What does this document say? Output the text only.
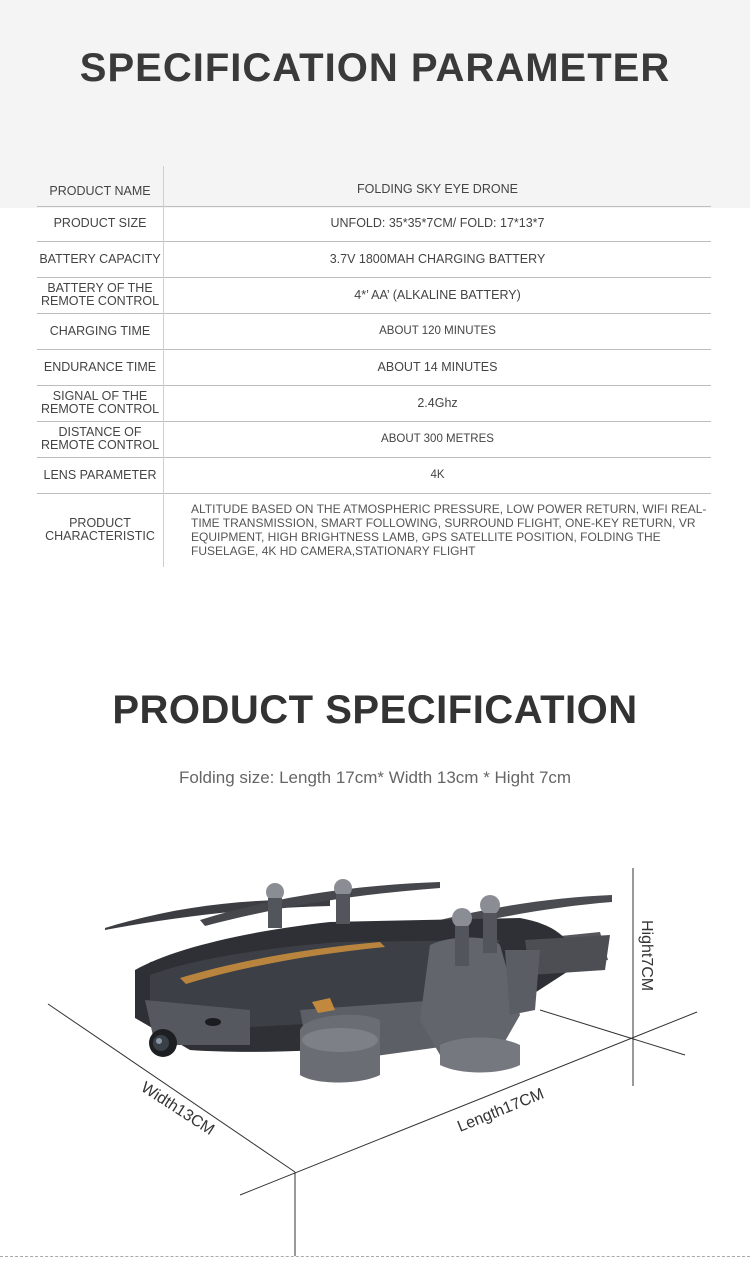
SPECIFICATION PARAMETER
PRODUCT NAME	FOLDING SKY EYE DRONE
PRODUCT SIZE	UNFOLD: 35*35*7CM/ FOLD: 17*13*7
BATTERY CAPACITY	3.7V 1800MAH CHARGING BATTERY
BATTERY OF THE REMOTE CONTROL	4*’ AA’ (ALKALINE BATTERY)
CHARGING TIME	ABOUT 120 MINUTES
ENDURANCE TIME	ABOUT 14 MINUTES
SIGNAL OF THE REMOTE CONTROL	2.4Ghz
DISTANCE OF REMOTE CONTROL	ABOUT 300 METRES
LENS PARAMETER	4K
PRODUCT CHARACTERISTIC	ALTITUDE BASED ON THE ATMOSPHERIC PRESSURE, LOW POWER RETURN, WIFI REAL-TIME TRANSMISSION, SMART FOLLOWING, SURROUND FLIGHT, ONE-KEY RETURN, VR EQUIPMENT, HIGH BRIGHTNESS LAMB, GPS SATELLITE POSITION, FOLDING THE FUSELAGE, 4K HD CAMERA,STATIONARY FLIGHT
PRODUCT SPECIFICATION
Folding size: Length 17cm* Width 13cm * Hight 7cm
Hight7CM
Width13CM	Length17CM
